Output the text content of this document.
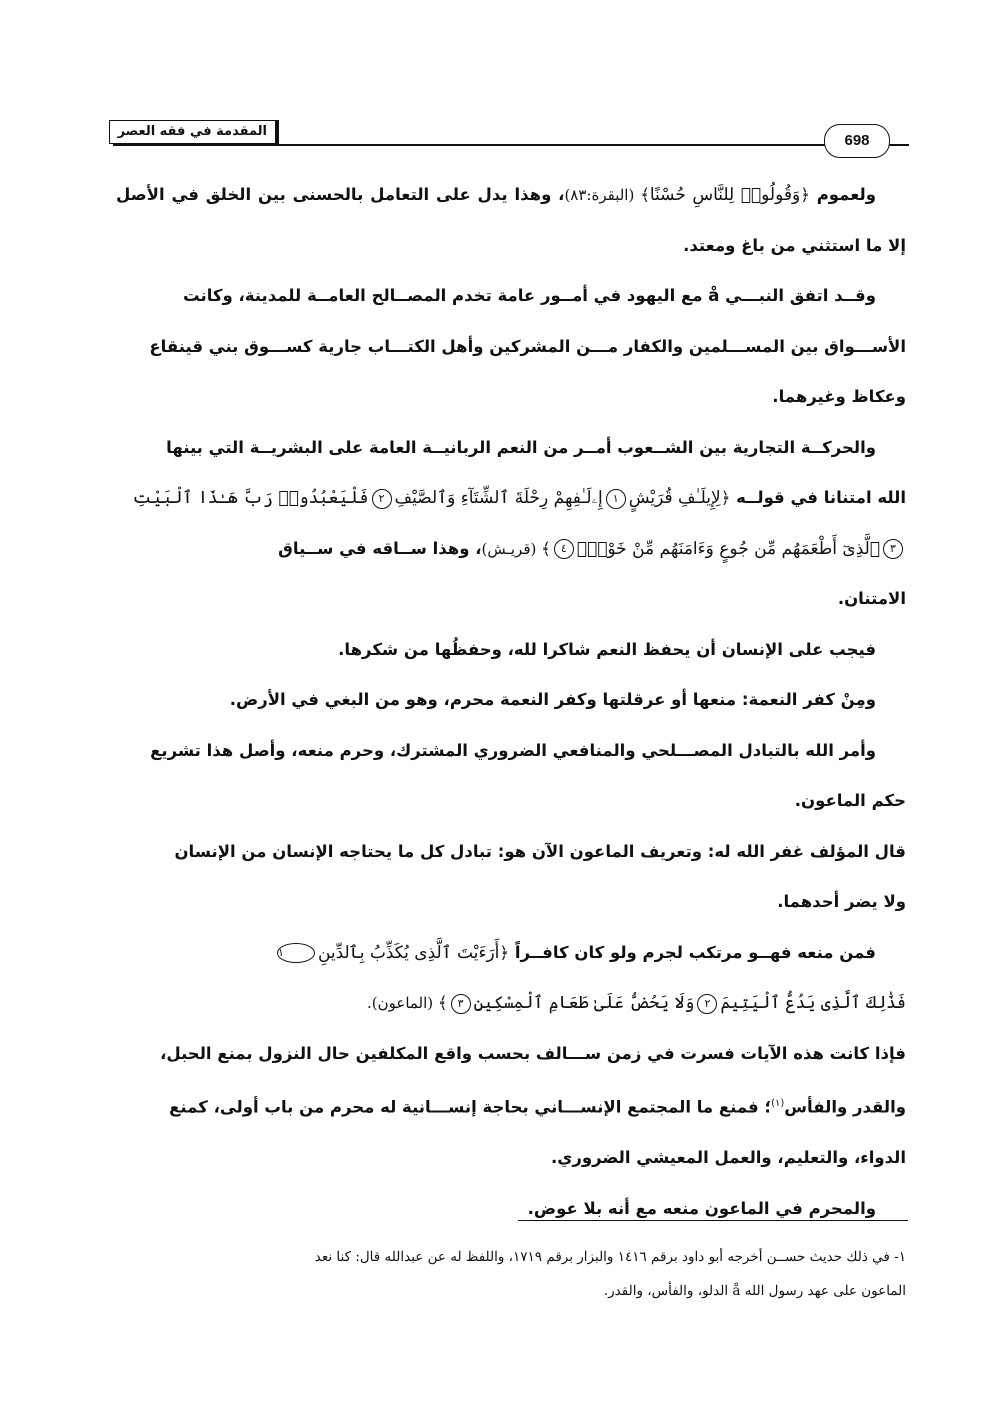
المقدمة في فقه العصر
698

ولعموم ﴿وَقُولُوا۟ لِلنَّاسِ حُسْنًا﴾ (البقرة:٨٣)، وهذا يدل على التعامل بالحسنى بين الخلق في الأصل إلا ما استثني من باغ ومعتد.

وقــد اتفق النبـــي å مع اليهود في أمــور عامة تخدم المصــالح العامــة للمدينة، وكانت
الأســـواق بين المســـلمين والكفار مـــن المشركين وأهل الكتـــاب جارية كســـوق بني قينقاع
وعكاظ وغيرهما.

والحركــة التجارية بين الشــعوب أمــر من النعم الربانيــة العامة على البشريــة التي بينها
الله امتنانا في قولــه ﴿لِإِيلَـٰفِ قُرَيْشٍ١إِۦلَـٰفِهِمْ رِحْلَةَ ٱلشِّتَآءِ وَٱلصَّيْفِ٢فَلْيَعْبُدُوا۟ رَبَّ هَـٰذَا ٱلْبَيْتِ
٣ٱلَّذِىٓ أَطْعَمَهُم مِّن جُوعٍ وَءَامَنَهُم مِّنْ خَوْفٍۭ٤﴾ (قريـش)، وهذا ســاقه في ســياق
الامتنان.

فيجب على الإنسان أن يحفظ النعم شاكرا لله، وحفظُها من شكرها.

ومِنْ كفر النعمة: منعها أو عرقلتها وكفر النعمة محرم، وهو من البغي في الأرض.

وأمر الله بالتبادل المصـــلحي والمنافعي الضروري المشترك، وحرم منعه، وأصل هذا تشريع
حكم الماعون.

قال المؤلف غفر الله له: وتعريف الماعون الآن هو: تبادل كل ما يحتاجه الإنسان من الإنسان
ولا يضر أحدهما.

فمن منعه فهــو مرتكب لجرم ولو كان كافــراً ﴿أَرَءَيْتَ ٱلَّذِى يُكَذِّبُ بِٱلدِّينِ١
فَذَٰلِكَ ٱلَّذِى يَدُعُّ ٱلْيَتِيمَ٢وَلَا يَحُضُّ عَلَىٰ طَعَامِ ٱلْمِسْكِينِ٣﴾ (الماعون).

فإذا كانت هذه الآيات فسرت في زمن ســـالف بحسب واقع المكلفين حال النزول بمنع الحبل،
والقدر والفأس$^{(١)}$؛ فمنع ما المجتمع الإنســـاني بحاجة إنســـانية له محرم من باب أولى، كمنع
الدواء، والتعليم، والعمل المعيشي الضروري.

والمحرم في الماعون منعه مع أنه بلا عوض.

١- في ذلك حديث حســن أخرجه أبو داود برقم ١٤١٦ والبزار برقم ١٧١٩، واللفظ له عن عبدالله قال: كنا نعد
الماعون على عهد رسول الله å الدلو، والفأس، والقدر.
